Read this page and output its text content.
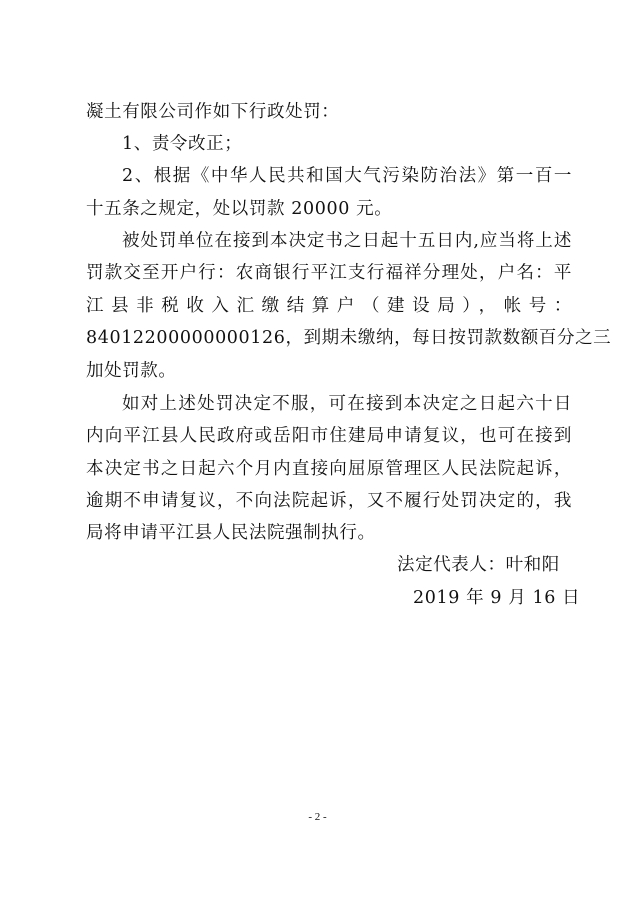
凝土有限公司作如下行政处罚：
1、责令改正；
2、根据《中华人民共和国大气污染防治法》第一百一
十五条之规定，处以罚款 20000 元。
被处罚单位在接到本决定书之日起十五日内,应当将上述
罚款交至开户行：农商银行平江支行福祥分理处，户名：平
江县非税收入汇缴结算户（建设局），帐号：
84012200000000126，到期未缴纳，每日按罚款数额百分之三
加处罚款。
如对上述处罚决定不服，可在接到本决定之日起六十日
内向平江县人民政府或岳阳市住建局申请复议，也可在接到
本决定书之日起六个月内直接向屈原管理区人民法院起诉，
逾期不申请复议，不向法院起诉，又不履行处罚决定的，我
局将申请平江县人民法院强制执行。
法定代表人：叶和阳
2019 年 9 月 16 日
- 2 -
